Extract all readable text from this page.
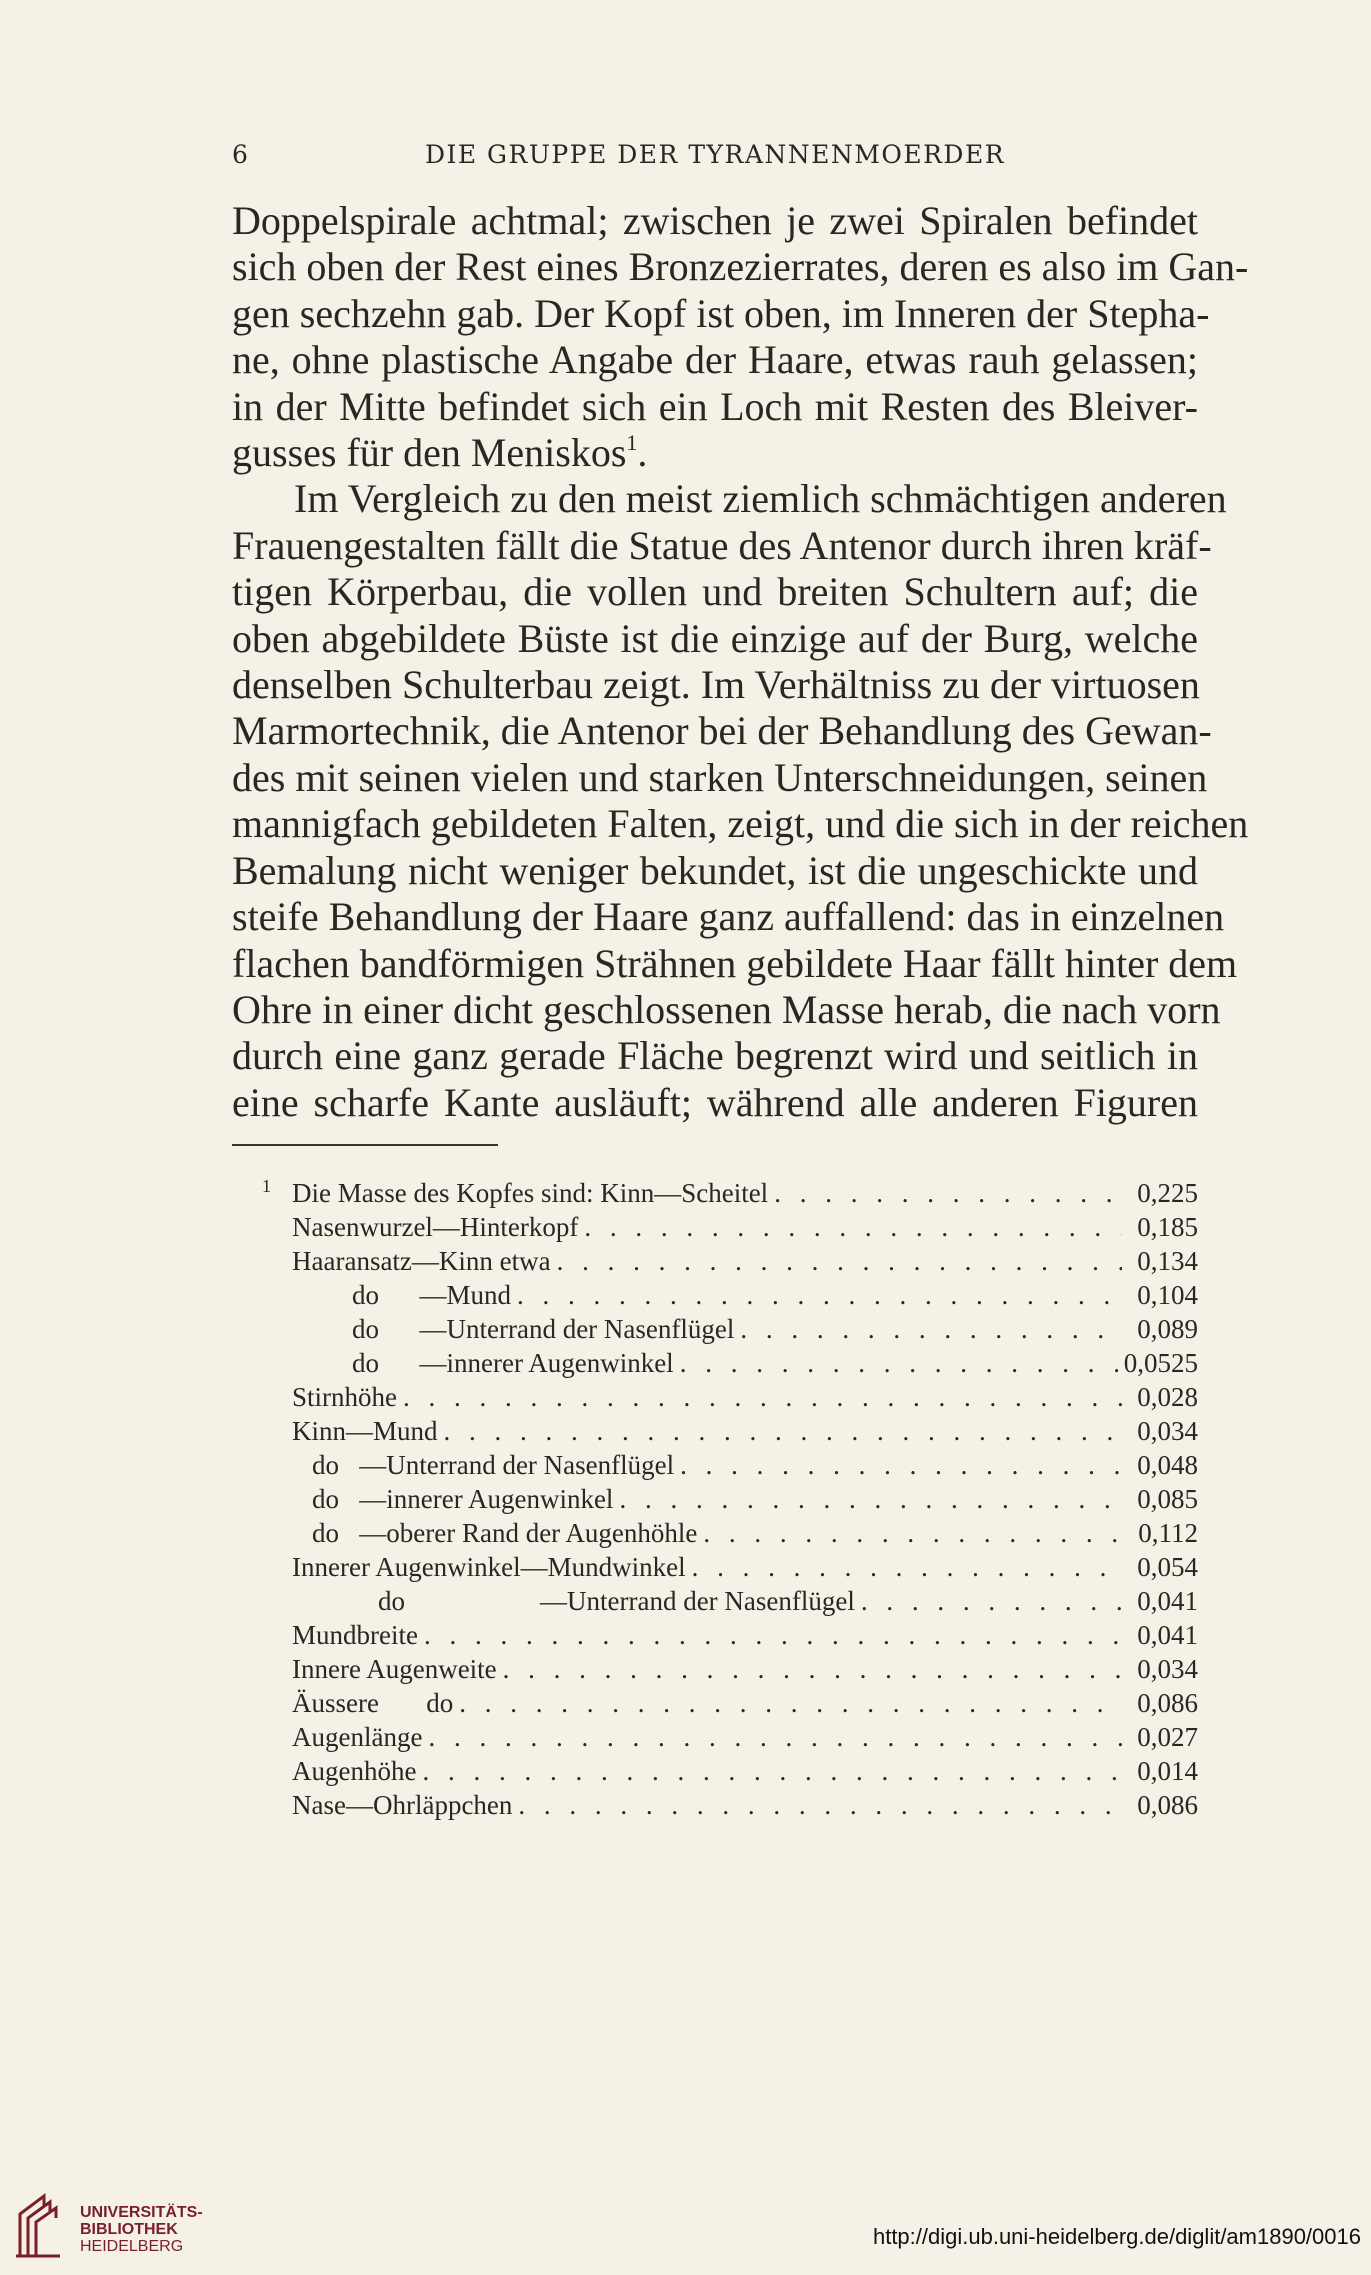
6	DIE GRUPPE DER TYRANNENMOERDER
Doppelspirale achtmal; zwischen je zwei Spiralen befindet
sich oben der Rest eines Bronzezierrates, deren es also im Gan-
gen sechzehn gab. Der Kopf ist oben, im Inneren der Stepha-
ne, ohne plastische Angabe der Haare, etwas rauh gelassen;
in der Mitte befindet sich ein Loch mit Resten des Bleiver-
gusses für den Meniskos$^1$.
Im Vergleich zu den meist ziemlich schmächtigen anderen
Frauengestalten fällt die Statue des Antenor durch ihren kräf-
tigen Körperbau, die vollen und breiten Schultern auf; die
oben abgebildete Büste ist die einzige auf der Burg, welche
denselben Schulterbau zeigt. Im Verhältniss zu der virtuosen
Marmortechnik, die Antenor bei der Behandlung des Gewan-
des mit seinen vielen und starken Unterschneidungen, seinen
mannigfach gebildeten Falten, zeigt, und die sich in der reichen
Bemalung nicht weniger bekundet, ist die ungeschickte und
steife Behandlung der Haare ganz auffallend: das in einzelnen
flachen bandförmigen Strähnen gebildete Haar fällt hinter dem
Ohre in einer dicht geschlossenen Masse herab, die nach vorn
durch eine ganz gerade Fläche begrenzt wird und seitlich in
eine scharfe Kante ausläuft; während alle anderen Figuren
1 Die Masse des Kopfes sind: Kinn—Scheitel . . .	0,225
Nasenwurzel—Hinterkopf . . .	0,185
Haaransatz—Kinn etwa . . .	0,134
do      —Mund . . .	0,104
do      —Unterrand der Nasenflügel . . .	0,089
do      —innerer Augenwinkel . . .	0,0525
Stirnhöhe . . .	0,028
Kinn—Mund . . .	0,034
do   —Unterrand der Nasenflügel . . .	0,048
do   —innerer Augenwinkel . . .	0,085
do   —oberer Rand der Augenhöhle . . .	0,112
Innerer Augenwinkel—Mundwinkel . . .	0,054
do                    —Unterrand der Nasenflügel . . .	0,041
Mundbreite . . .	0,041
Innere Augenweite . . .	0,034
Äussere       do . . .	0,086
Augenlänge . . .	0,027
Augenhöhe . . .	0,014
Nase—Ohrläppchen . . .	0,086
UNIVERSITÄTS-
BIBLIOTHEK
HEIDELBERG	http://digi.ub.uni-heidelberg.de/diglit/am1890/0016
